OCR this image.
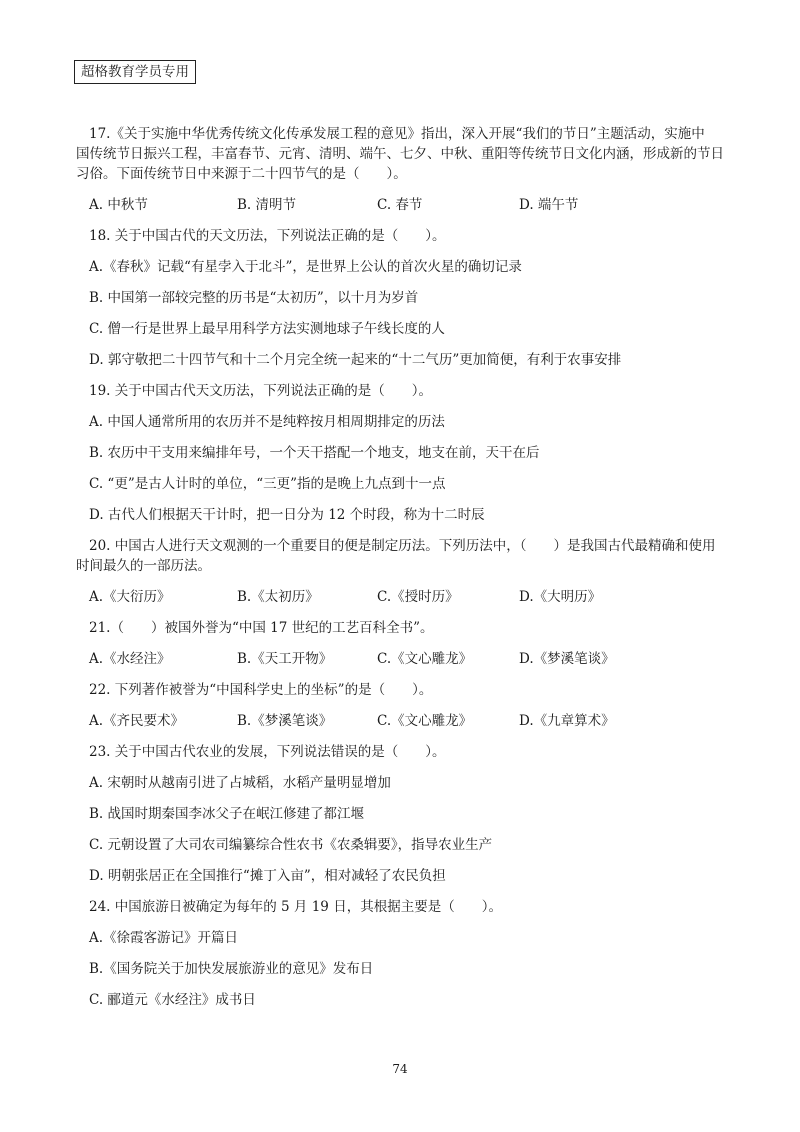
超格教育学员专用
17.《关于实施中华优秀传统文化传承发展工程的意见》指出，深入开展“我们的节日”主题活动，实施中
国传统节日振兴工程，丰富春节、元宵、清明、端午、七夕、中秋、重阳等传统节日文化内涵，形成新的节日
习俗。下面传统节日中来源于二十四节气的是（　　）。
A. 中秋节	B. 清明节	C. 春节	D. 端午节
18. 关于中国古代的天文历法，下列说法正确的是（　　）。
A.《春秋》记载“有星孛入于北斗”，是世界上公认的首次火星的确切记录
B. 中国第一部较完整的历书是“太初历”，以十月为岁首
C. 僧一行是世界上最早用科学方法实测地球子午线长度的人
D. 郭守敬把二十四节气和十二个月完全统一起来的“十二气历”更加简便，有利于农事安排
19. 关于中国古代天文历法，下列说法正确的是（　　）。
A. 中国人通常所用的农历并不是纯粹按月相周期排定的历法
B. 农历中干支用来编排年号，一个天干搭配一个地支，地支在前，天干在后
C. “更”是古人计时的单位，“三更”指的是晚上九点到十一点
D. 古代人们根据天干计时，把一日分为 12 个时段，称为十二时辰
20. 中国古人进行天文观测的一个重要目的便是制定历法。下列历法中，（　　）是我国古代最精确和使用
时间最久的一部历法。
A.《大衍历》	B.《太初历》	C.《授时历》	D.《大明历》
21.（　　）被国外誉为“中国 17 世纪的工艺百科全书”。
A.《水经注》	B.《天工开物》	C.《文心雕龙》	D.《梦溪笔谈》
22. 下列著作被誉为“中国科学史上的坐标”的是（　　）。
A.《齐民要术》	B.《梦溪笔谈》	C.《文心雕龙》	D.《九章算术》
23. 关于中国古代农业的发展，下列说法错误的是（　　）。
A. 宋朝时从越南引进了占城稻，水稻产量明显增加
B. 战国时期秦国李冰父子在岷江修建了都江堰
C. 元朝设置了大司农司编纂综合性农书《农桑辑要》，指导农业生产
D. 明朝张居正在全国推行“摊丁入亩”，相对减轻了农民负担
24. 中国旅游日被确定为每年的 5 月 19 日，其根据主要是（　　）。
A.《徐霞客游记》开篇日
B.《国务院关于加快发展旅游业的意见》发布日
C. 郦道元《水经注》成书日
74
